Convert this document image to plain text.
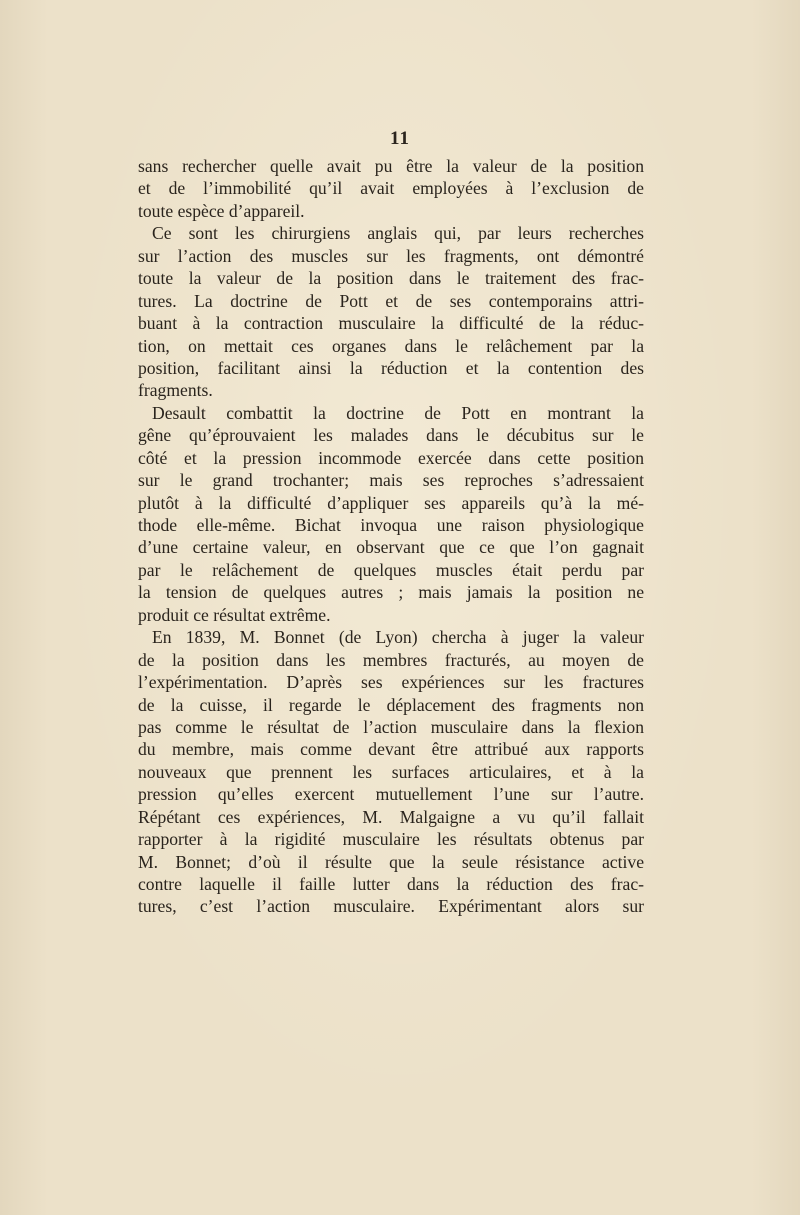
11
sans rechercher quelle avait pu être la valeur de la position
et de l’immobilité qu’il avait employées à l’exclusion de
toute espèce d’appareil.
Ce sont les chirurgiens anglais qui, par leurs recherches
sur l’action des muscles sur les fragments, ont démontré
toute la valeur de la position dans le traitement des frac-
tures. La doctrine de Pott et de ses contemporains attri-
buant à la contraction musculaire la difficulté de la réduc-
tion, on mettait ces organes dans le relâchement par la
position, facilitant ainsi la réduction et la contention des
fragments.
Desault combattit la doctrine de Pott en montrant la
gêne qu’éprouvaient les malades dans le décubitus sur le
côté et la pression incommode exercée dans cette position
sur le grand trochanter; mais ses reproches s’adressaient
plutôt à la difficulté d’appliquer ses appareils qu’à la mé-
thode elle-même. Bichat invoqua une raison physiologique
d’une certaine valeur, en observant que ce que l’on gagnait
par le relâchement de quelques muscles était perdu par
la tension de quelques autres ; mais jamais la position ne
produit ce résultat extrême.
En 1839, M. Bonnet (de Lyon) chercha à juger la valeur
de la position dans les membres fracturés, au moyen de
l’expérimentation. D’après ses expériences sur les fractures
de la cuisse, il regarde le déplacement des fragments non
pas comme le résultat de l’action musculaire dans la flexion
du membre, mais comme devant être attribué aux rapports
nouveaux que prennent les surfaces articulaires, et à la
pression qu’elles exercent mutuellement l’une sur l’autre.
Répétant ces expériences, M. Malgaigne a vu qu’il fallait
rapporter à la rigidité musculaire les résultats obtenus par
M. Bonnet; d’où il résulte que la seule résistance active
contre laquelle il faille lutter dans la réduction des frac-
tures, c’est l’action musculaire. Expérimentant alors sur
